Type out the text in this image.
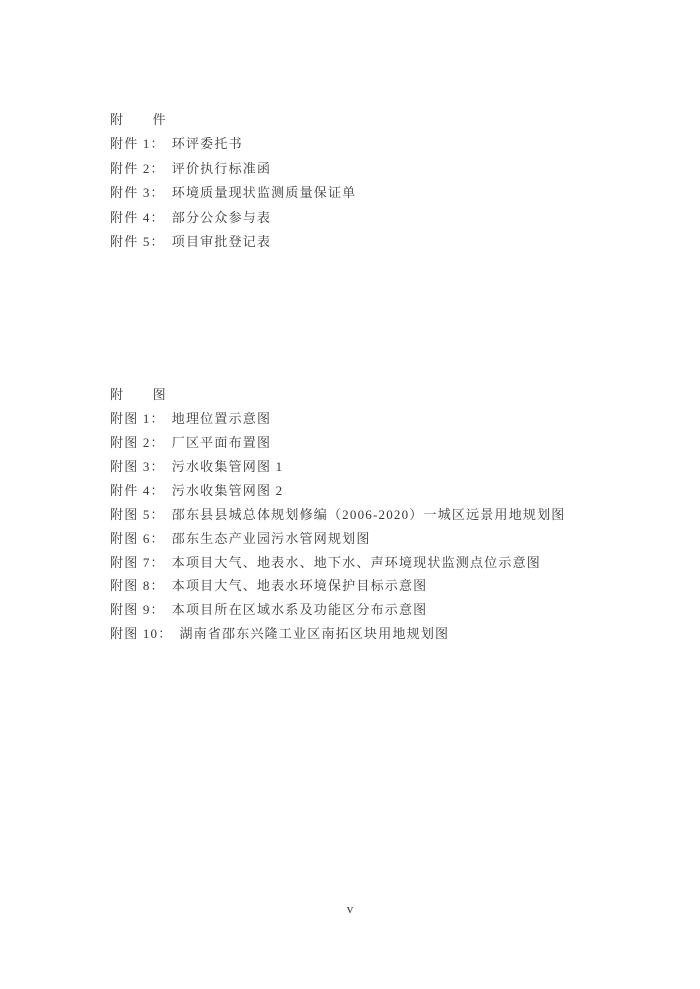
附　　件
附件 1： 环评委托书
附件 2： 评价执行标准函
附件 3： 环境质量现状监测质量保证单
附件 4： 部分公众参与表
附件 5： 项目审批登记表
附　　图
附图 1： 地理位置示意图
附图 2： 厂区平面布置图
附图 3： 污水收集管网图 1
附件 4： 污水收集管网图 2
附图 5： 邵东县县城总体规划修编（2006-2020）一城区远景用地规划图
附图 6： 邵东生态产业园污水管网规划图
附图 7： 本项目大气、地表水、地下水、声环境现状监测点位示意图
附图 8： 本项目大气、地表水环境保护目标示意图
附图 9： 本项目所在区域水系及功能区分布示意图
附图 10： 湖南省邵东兴隆工业区南拓区块用地规划图
v
